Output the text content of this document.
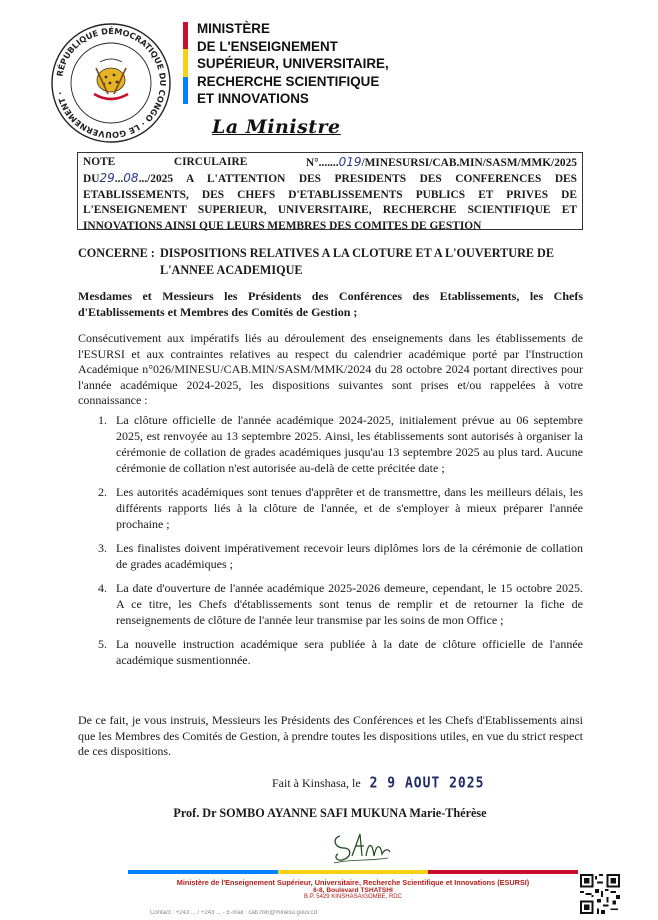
RÉPUBLIQUE DÉMOCRATIQUE DU CONGO · LE GOUVERNEMENT ·
MINISTÈRE
DE L'ENSEIGNEMENT
SUPÉRIEUR, UNIVERSITAIRE,
RECHERCHE SCIENTIFIQUE
ET INNOVATIONS
La Ministre
NOTE	CIRCULAIRE	N°.......019/MINESURSI/CAB.MIN/SASM/MMK/2025
DU29...08.../2025 A L'ATTENTION DES PRESIDENTS DES CONFERENCES DES ETABLISSEMENTS, DES CHEFS D'ETABLISSEMENTS PUBLICS ET PRIVES DE L'ENSEIGNEMENT SUPERIEUR, UNIVERSITAIRE, RECHERCHE SCIENTIFIQUE ET INNOVATIONS AINSI QUE LEURS MEMBRES DES COMITES DE GESTION
CONCERNE : DISPOSITIONS RELATIVES A LA CLOTURE ET A L'OUVERTURE DE
L'ANNEE ACADEMIQUE
Mesdames et Messieurs les Présidents des Conférences des Etablissements, les Chefs d'Etablissements et Membres des Comités de Gestion ;
Consécutivement aux impératifs liés au déroulement des enseignements dans les établissements de l'ESURSI et aux contraintes relatives au respect du calendrier académique porté par l'Instruction Académique n°026/MINESU/CAB.MIN/SASM/MMK/2024 du 28 octobre 2024 portant directives pour l'année académique 2024-2025, les dispositions suivantes sont prises et/ou rappelées à votre connaissance :
1. La clôture officielle de l'année académique 2024-2025, initialement prévue au 06 septembre 2025, est renvoyée au 13 septembre 2025. Ainsi, les établissements sont autorisés à organiser la cérémonie de collation de grades académiques jusqu'au 13 septembre 2025 au plus tard. Aucune cérémonie de collation n'est autorisée au-delà de cette précitée date ;
2. Les autorités académiques sont tenues d'apprêter et de transmettre, dans les meilleurs délais, les différents rapports liés à la clôture de l'année, et de s'employer à mieux préparer l'année prochaine ;
3. Les finalistes doivent impérativement recevoir leurs diplômes lors de la cérémonie de collation de grades académiques ;
4. La date d'ouverture de l'année académique 2025-2026 demeure, cependant, le 15 octobre 2025. A ce titre, les Chefs d'établissements sont tenus de remplir et de retourner la fiche de renseignements de clôture de l'année leur transmise par les soins de mon Office ;
5. La nouvelle instruction académique sera publiée à la date de clôture officielle de l'année académique susmentionnée.
De ce fait, je vous instruis, Messieurs les Présidents des Conférences et les Chefs d'Etablissements ainsi que les Membres des Comités de Gestion, à prendre toutes les dispositions utiles, en vue du strict respect de ces dispositions.
Fait à Kinshasa, le 2 9 AOUT 2025
Prof. Dr SOMBO AYANNE SAFI MUKUNA Marie-Thérèse
Ministère de l'Enseignement Supérieur, Universitaire, Recherche Scientifique et Innovations (ESURSI)
6-8, Boulevard TSHATSHI
B.P. 5429 KINSHASA/GOMBE, RDC
Contact : +243 ... / +243 ... - E-mail : cab.min@minesu.gouv.cd
